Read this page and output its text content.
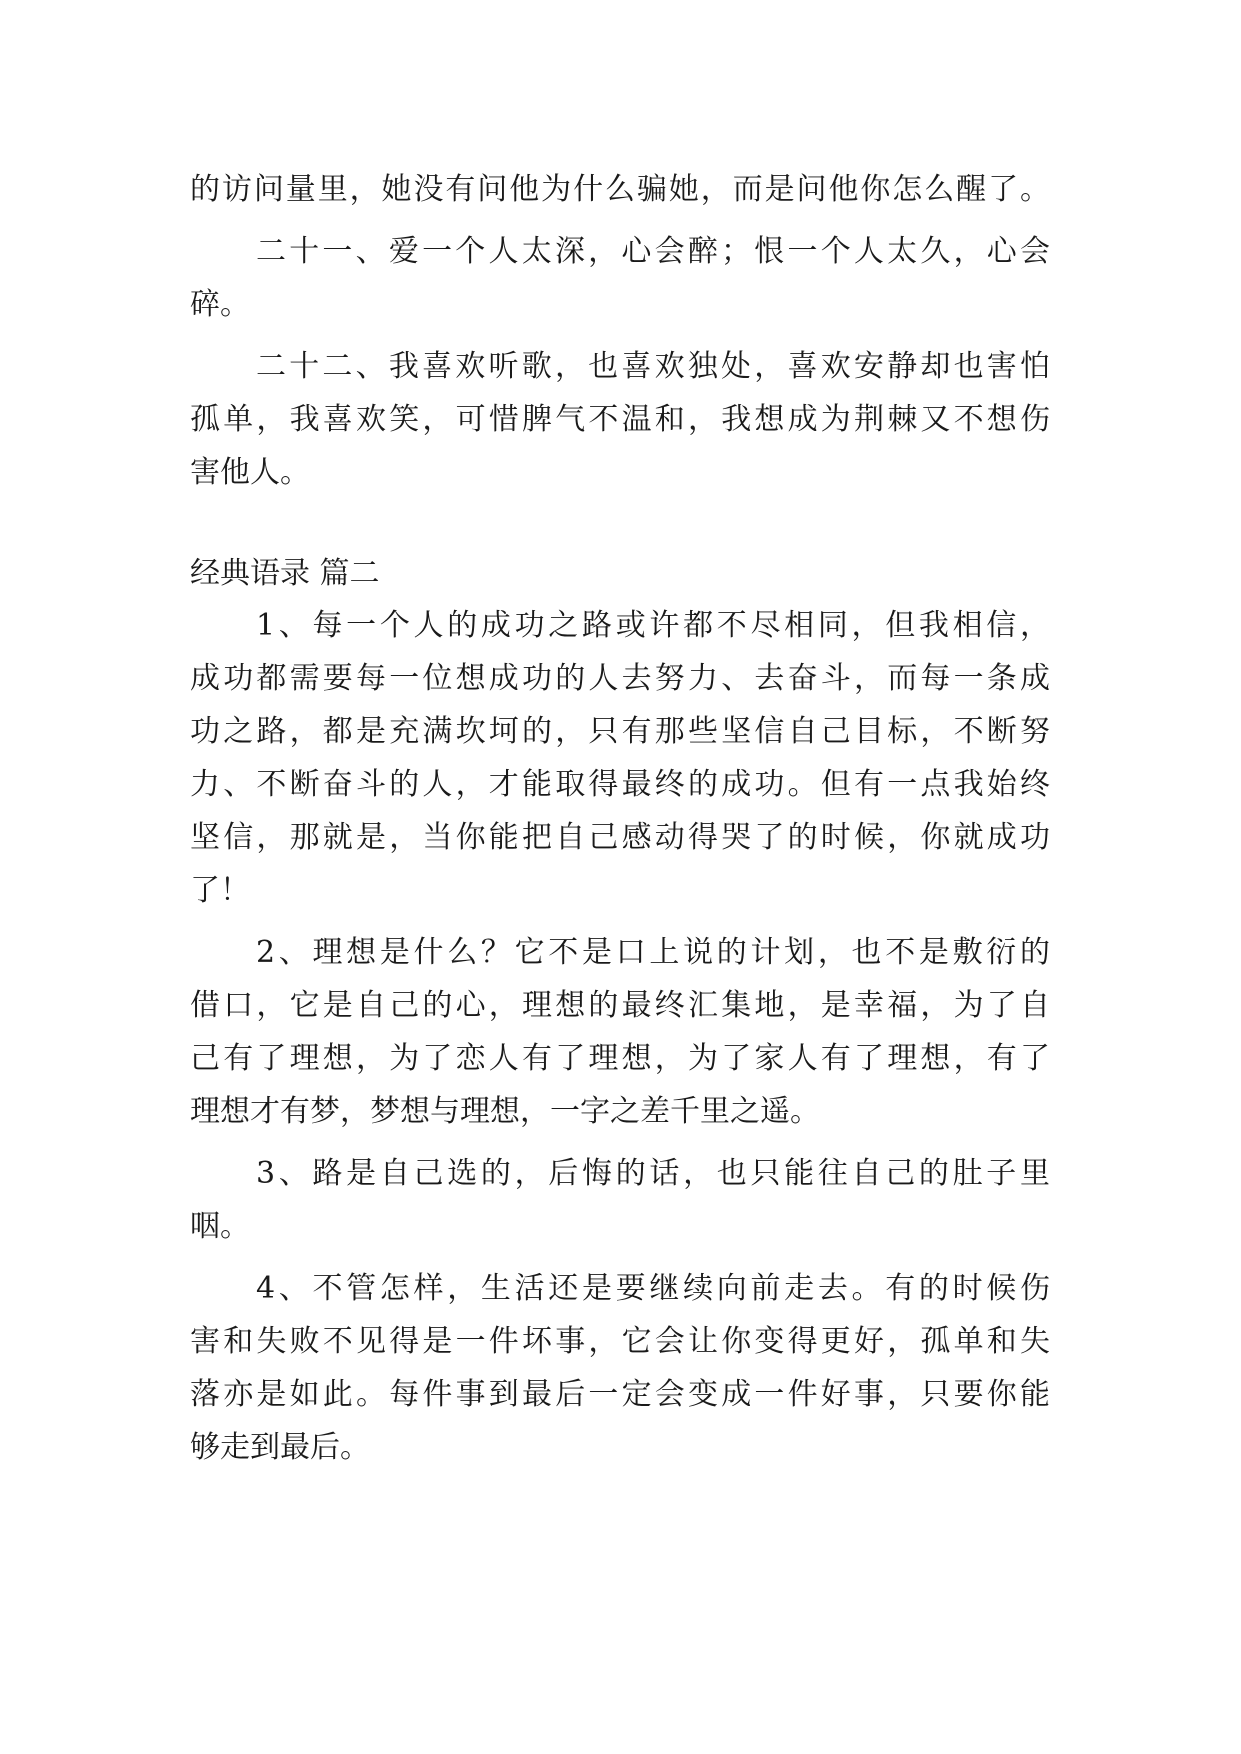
的访问量里，她没有问他为什么骗她，而是问他你怎么醒了。
二十一、爱一个人太深，心会醉；恨一个人太久，心会
碎。
二十二、我喜欢听歌，也喜欢独处，喜欢安静却也害怕
孤单，我喜欢笑，可惜脾气不温和，我想成为荆棘又不想伤
害他人。
经典语录 篇二
1、每一个人的成功之路或许都不尽相同，但我相信，
成功都需要每一位想成功的人去努力、去奋斗，而每一条成
功之路，都是充满坎坷的，只有那些坚信自己目标，不断努
力、不断奋斗的人，才能取得最终的成功。但有一点我始终
坚信，那就是，当你能把自己感动得哭了的时候，你就成功
了！
2、理想是什么？它不是口上说的计划，也不是敷衍的
借口，它是自己的心，理想的最终汇集地，是幸福，为了自
己有了理想，为了恋人有了理想，为了家人有了理想，有了
理想才有梦，梦想与理想，一字之差千里之遥。
3、路是自己选的，后悔的话，也只能往自己的肚子里
咽。
4、不管怎样，生活还是要继续向前走去。有的时候伤
害和失败不见得是一件坏事，它会让你变得更好，孤单和失
落亦是如此。每件事到最后一定会变成一件好事，只要你能
够走到最后。
